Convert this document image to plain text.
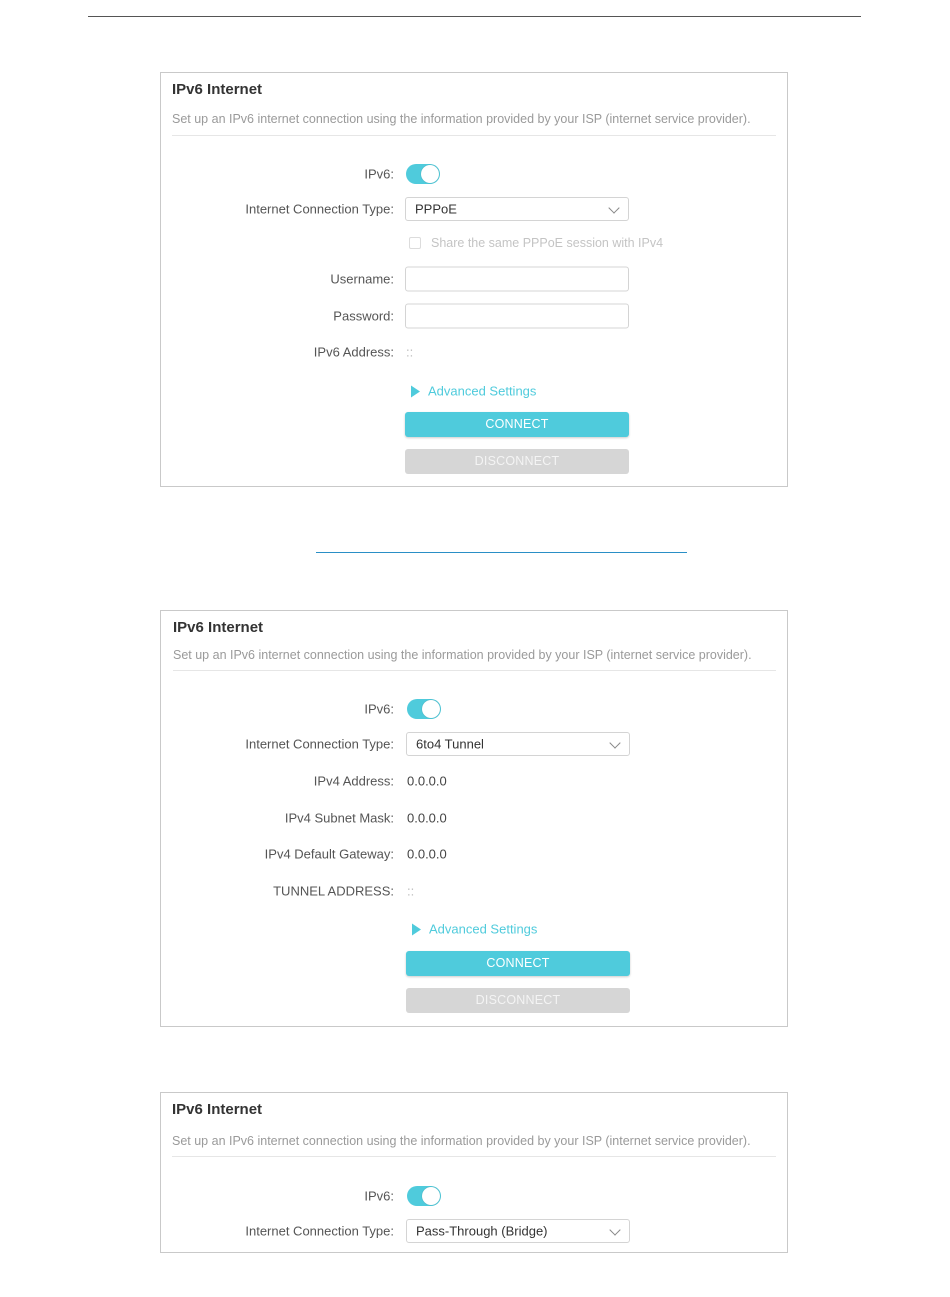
IPv6 Internet
Set up an IPv6 internet connection using the information provided by your ISP (internet service provider).
IPv6:
Internet Connection Type: PPPoE
Share the same PPPoE session with IPv4
Username:
Password:
IPv6 Address: ::
Advanced Settings
CONNECT
DISCONNECT
IPv6 Internet
Set up an IPv6 internet connection using the information provided by your ISP (internet service provider).
IPv6:
Internet Connection Type: 6to4 Tunnel
IPv4 Address: 0.0.0.0
IPv4 Subnet Mask: 0.0.0.0
IPv4 Default Gateway: 0.0.0.0
TUNNEL ADDRESS: ::
Advanced Settings
CONNECT
DISCONNECT
IPv6 Internet
Set up an IPv6 internet connection using the information provided by your ISP (internet service provider).
IPv6:
Internet Connection Type: Pass-Through (Bridge)
